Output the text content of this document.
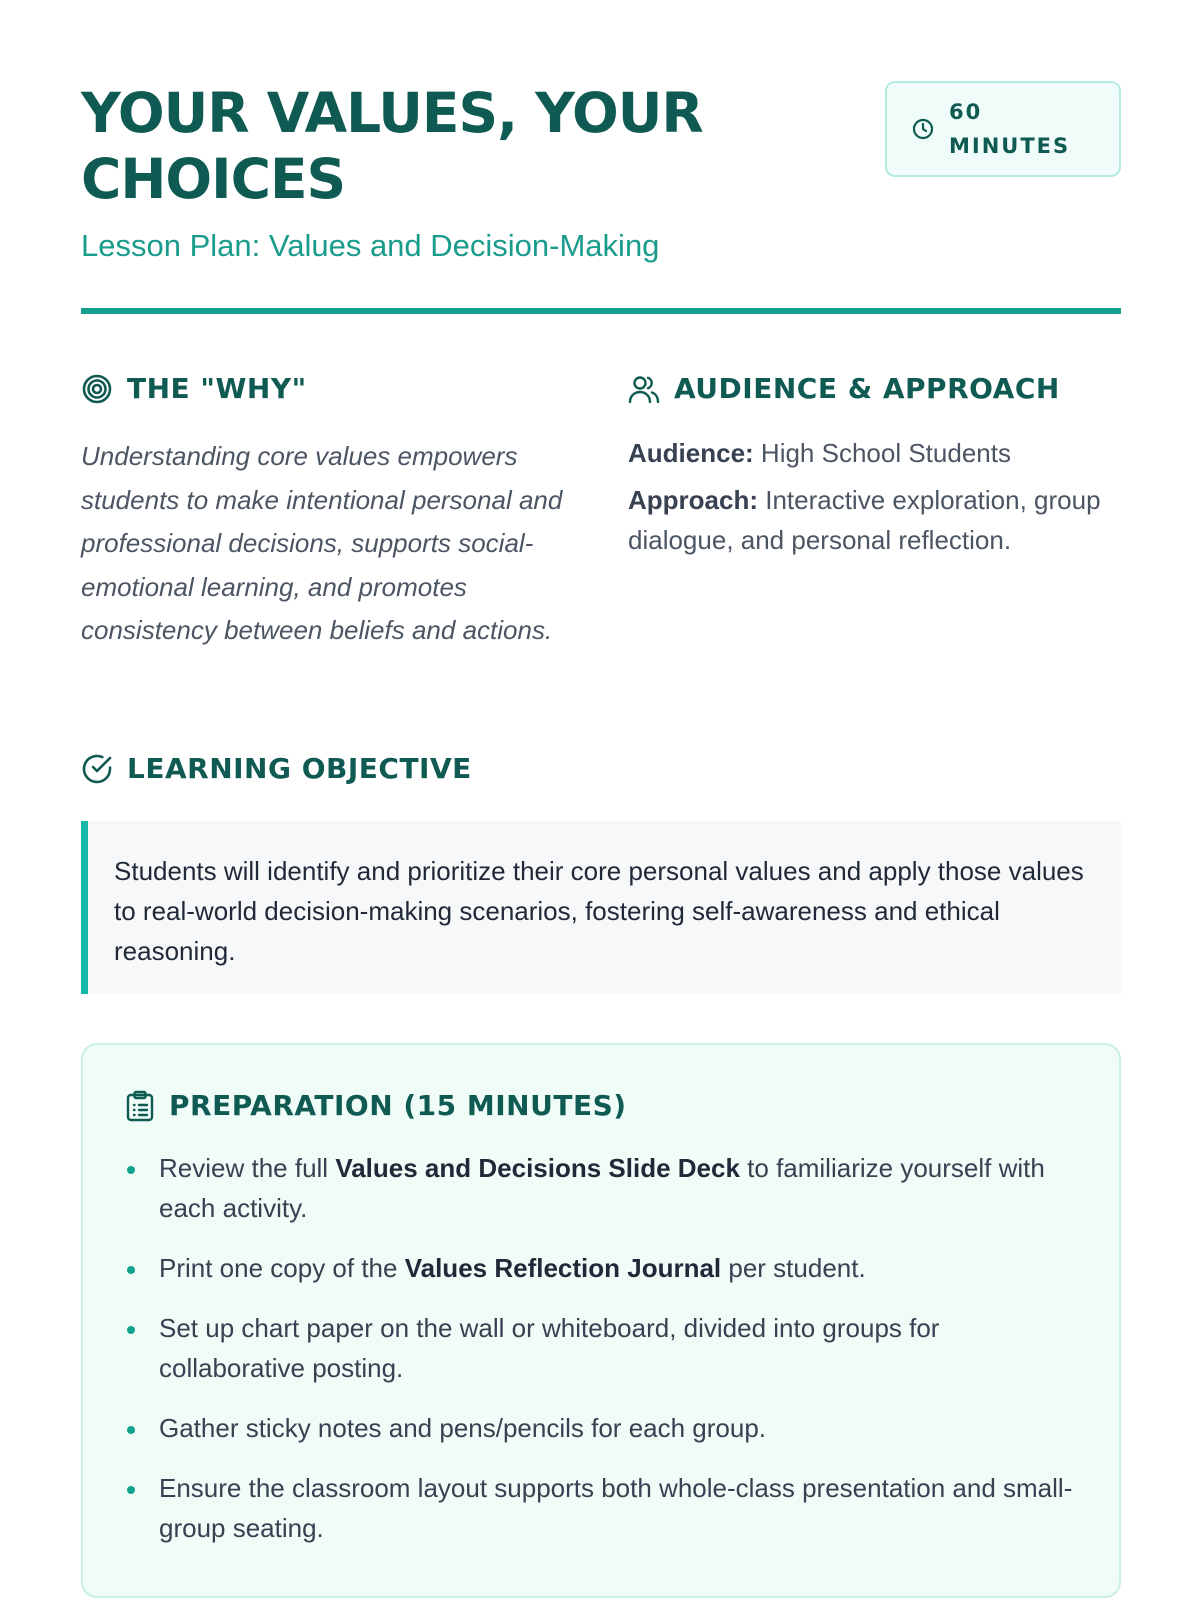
YOUR VALUES, YOUR CHOICES
Lesson Plan: Values and Decision-Making
60
MINUTES
THE "WHY"

Understanding core values empowers students to make intentional personal and professional decisions, supports social-emotional learning, and promotes consistency between beliefs and actions.

AUDIENCE & APPROACH
Audience: High School Students
Approach: Interactive exploration, group dialogue, and personal reflection.
LEARNING OBJECTIVE
Students will identify and prioritize their core personal values and apply those values to real-world decision-making scenarios, fostering self-awareness and ethical reasoning.
PREPARATION (15 MINUTES)
Review the full Values and Decisions Slide Deck to familiarize yourself with each activity.
Print one copy of the Values Reflection Journal per student.
Set up chart paper on the wall or whiteboard, divided into groups for collaborative posting.
Gather sticky notes and pens/pencils for each group.
Ensure the classroom layout supports both whole-class presentation and small-group seating.
